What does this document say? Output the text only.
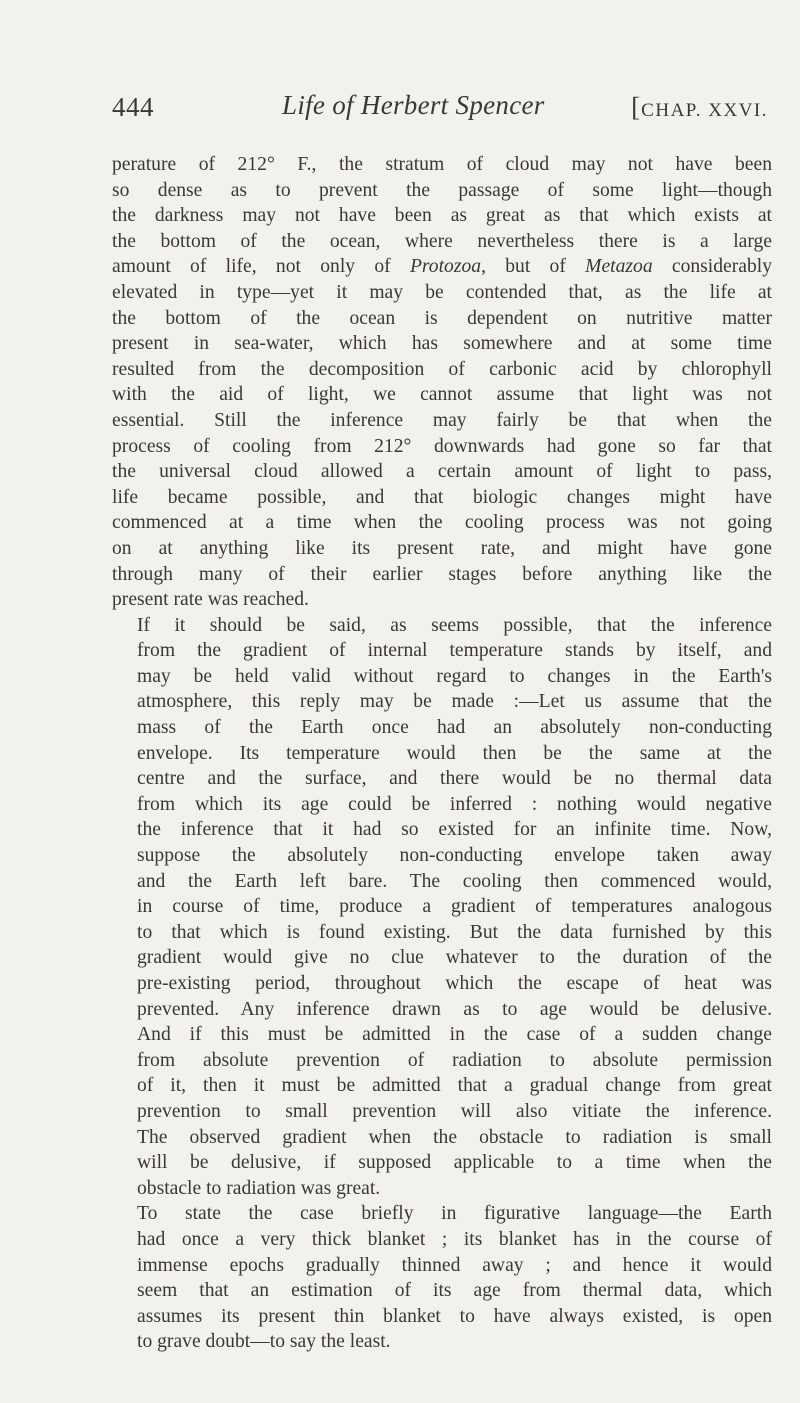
444	Life of Herbert Spencer	[CHAP. XXVI.

perature of 212° F., the stratum of cloud may not have been
so dense as to prevent the passage of some light—though
the darkness may not have been as great as that which exists at
the bottom of the ocean, where nevertheless there is a large
amount of life, not only of Protozoa, but of Metazoa considerably
elevated in type—yet it may be contended that, as the life at
the bottom of the ocean is dependent on nutritive matter
present in sea-water, which has somewhere and at some time
resulted from the decomposition of carbonic acid by chlorophyll
with the aid of light, we cannot assume that light was not
essential. Still the inference may fairly be that when the
process of cooling from 212° downwards had gone so far that
the universal cloud allowed a certain amount of light to pass,
life became possible, and that biologic changes might have
commenced at a time when the cooling process was not going
on at anything like its present rate, and might have gone
through many of their earlier stages before anything like the
present rate was reached.

If it should be said, as seems possible, that the inference
from the gradient of internal temperature stands by itself, and
may be held valid without regard to changes in the Earth's
atmosphere, this reply may be made :—Let us assume that the
mass of the Earth once had an absolutely non-conducting
envelope. Its temperature would then be the same at the
centre and the surface, and there would be no thermal data
from which its age could be inferred : nothing would negative
the inference that it had so existed for an infinite time. Now,
suppose the absolutely non-conducting envelope taken away
and the Earth left bare. The cooling then commenced would,
in course of time, produce a gradient of temperatures analogous
to that which is found existing. But the data furnished by this
gradient would give no clue whatever to the duration of the
pre-existing period, throughout which the escape of heat was
prevented. Any inference drawn as to age would be delusive.
And if this must be admitted in the case of a sudden change
from absolute prevention of radiation to absolute permission
of it, then it must be admitted that a gradual change from great
prevention to small prevention will also vitiate the inference.
The observed gradient when the obstacle to radiation is small
will be delusive, if supposed applicable to a time when the
obstacle to radiation was great.

To state the case briefly in figurative language—the Earth
had once a very thick blanket ; its blanket has in the course of
immense epochs gradually thinned away ; and hence it would
seem that an estimation of its age from thermal data, which
assumes its present thin blanket to have always existed, is open
to grave doubt—to say the least.
